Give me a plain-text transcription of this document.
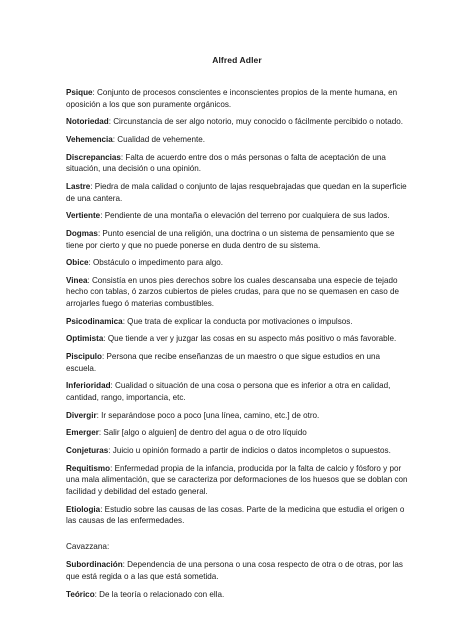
Alfred Adler

Psique: Conjunto de procesos conscientes e inconscientes propios de la mente humana, en oposición a los que son puramente orgánicos.

Notoriedad: Circunstancia de ser algo notorio, muy conocido o fácilmente percibido o notado.

Vehemencia: Cualidad de vehemente.

Discrepancias: Falta de acuerdo entre dos o más personas o falta de aceptación de una situación, una decisión o una opinión.

Lastre: Piedra de mala calidad o conjunto de lajas resquebrajadas que quedan en la superficie de una cantera.

Vertiente: Pendiente de una montaña o elevación del terreno por cualquiera de sus lados.

Dogmas: Punto esencial de una religión, una doctrina o un sistema de pensamiento que se tiene por cierto y que no puede ponerse en duda dentro de su sistema.

Obice: Obstáculo o impedimento para algo.

Vinea: Consistía en unos pies derechos sobre los cuales descansaba una especie de tejado hecho con tablas, ó zarzos cubiertos de pieles crudas, para que no se quemasen en caso de arrojarles fuego ó materias combustibles.

Psicodinamica: Que trata de explicar la conducta por motivaciones o impulsos.

Optimista: Que tiende a ver y juzgar las cosas en su aspecto más positivo o más favorable.

Piscipulo: Persona que recibe enseñanzas de un maestro o que sigue estudios en una escuela.

Inferioridad: Cualidad o situación de una cosa o persona que es inferior a otra en calidad, cantidad, rango, importancia, etc.

Divergir: Ir separándose poco a poco [una línea, camino, etc.] de otro.

Emerger: Salir [algo o alguien] de dentro del agua o de otro líquido

Conjeturas: Juicio u opinión formado a partir de indicios o datos incompletos o supuestos.

Requitismo: Enfermedad propia de la infancia, producida por la falta de calcio y fósforo y por una mala alimentación, que se caracteriza por deformaciones de los huesos que se doblan con facilidad y debilidad del estado general.

Etiologia: Estudio sobre las causas de las cosas. Parte de la medicina que estudia el origen o las causas de las enfermedades.

Cavazzana:

Subordinación: Dependencia de una persona o una cosa respecto de otra o de otras, por las que está regida o a las que está sometida.

Teórico: De la teoría o relacionado con ella.
